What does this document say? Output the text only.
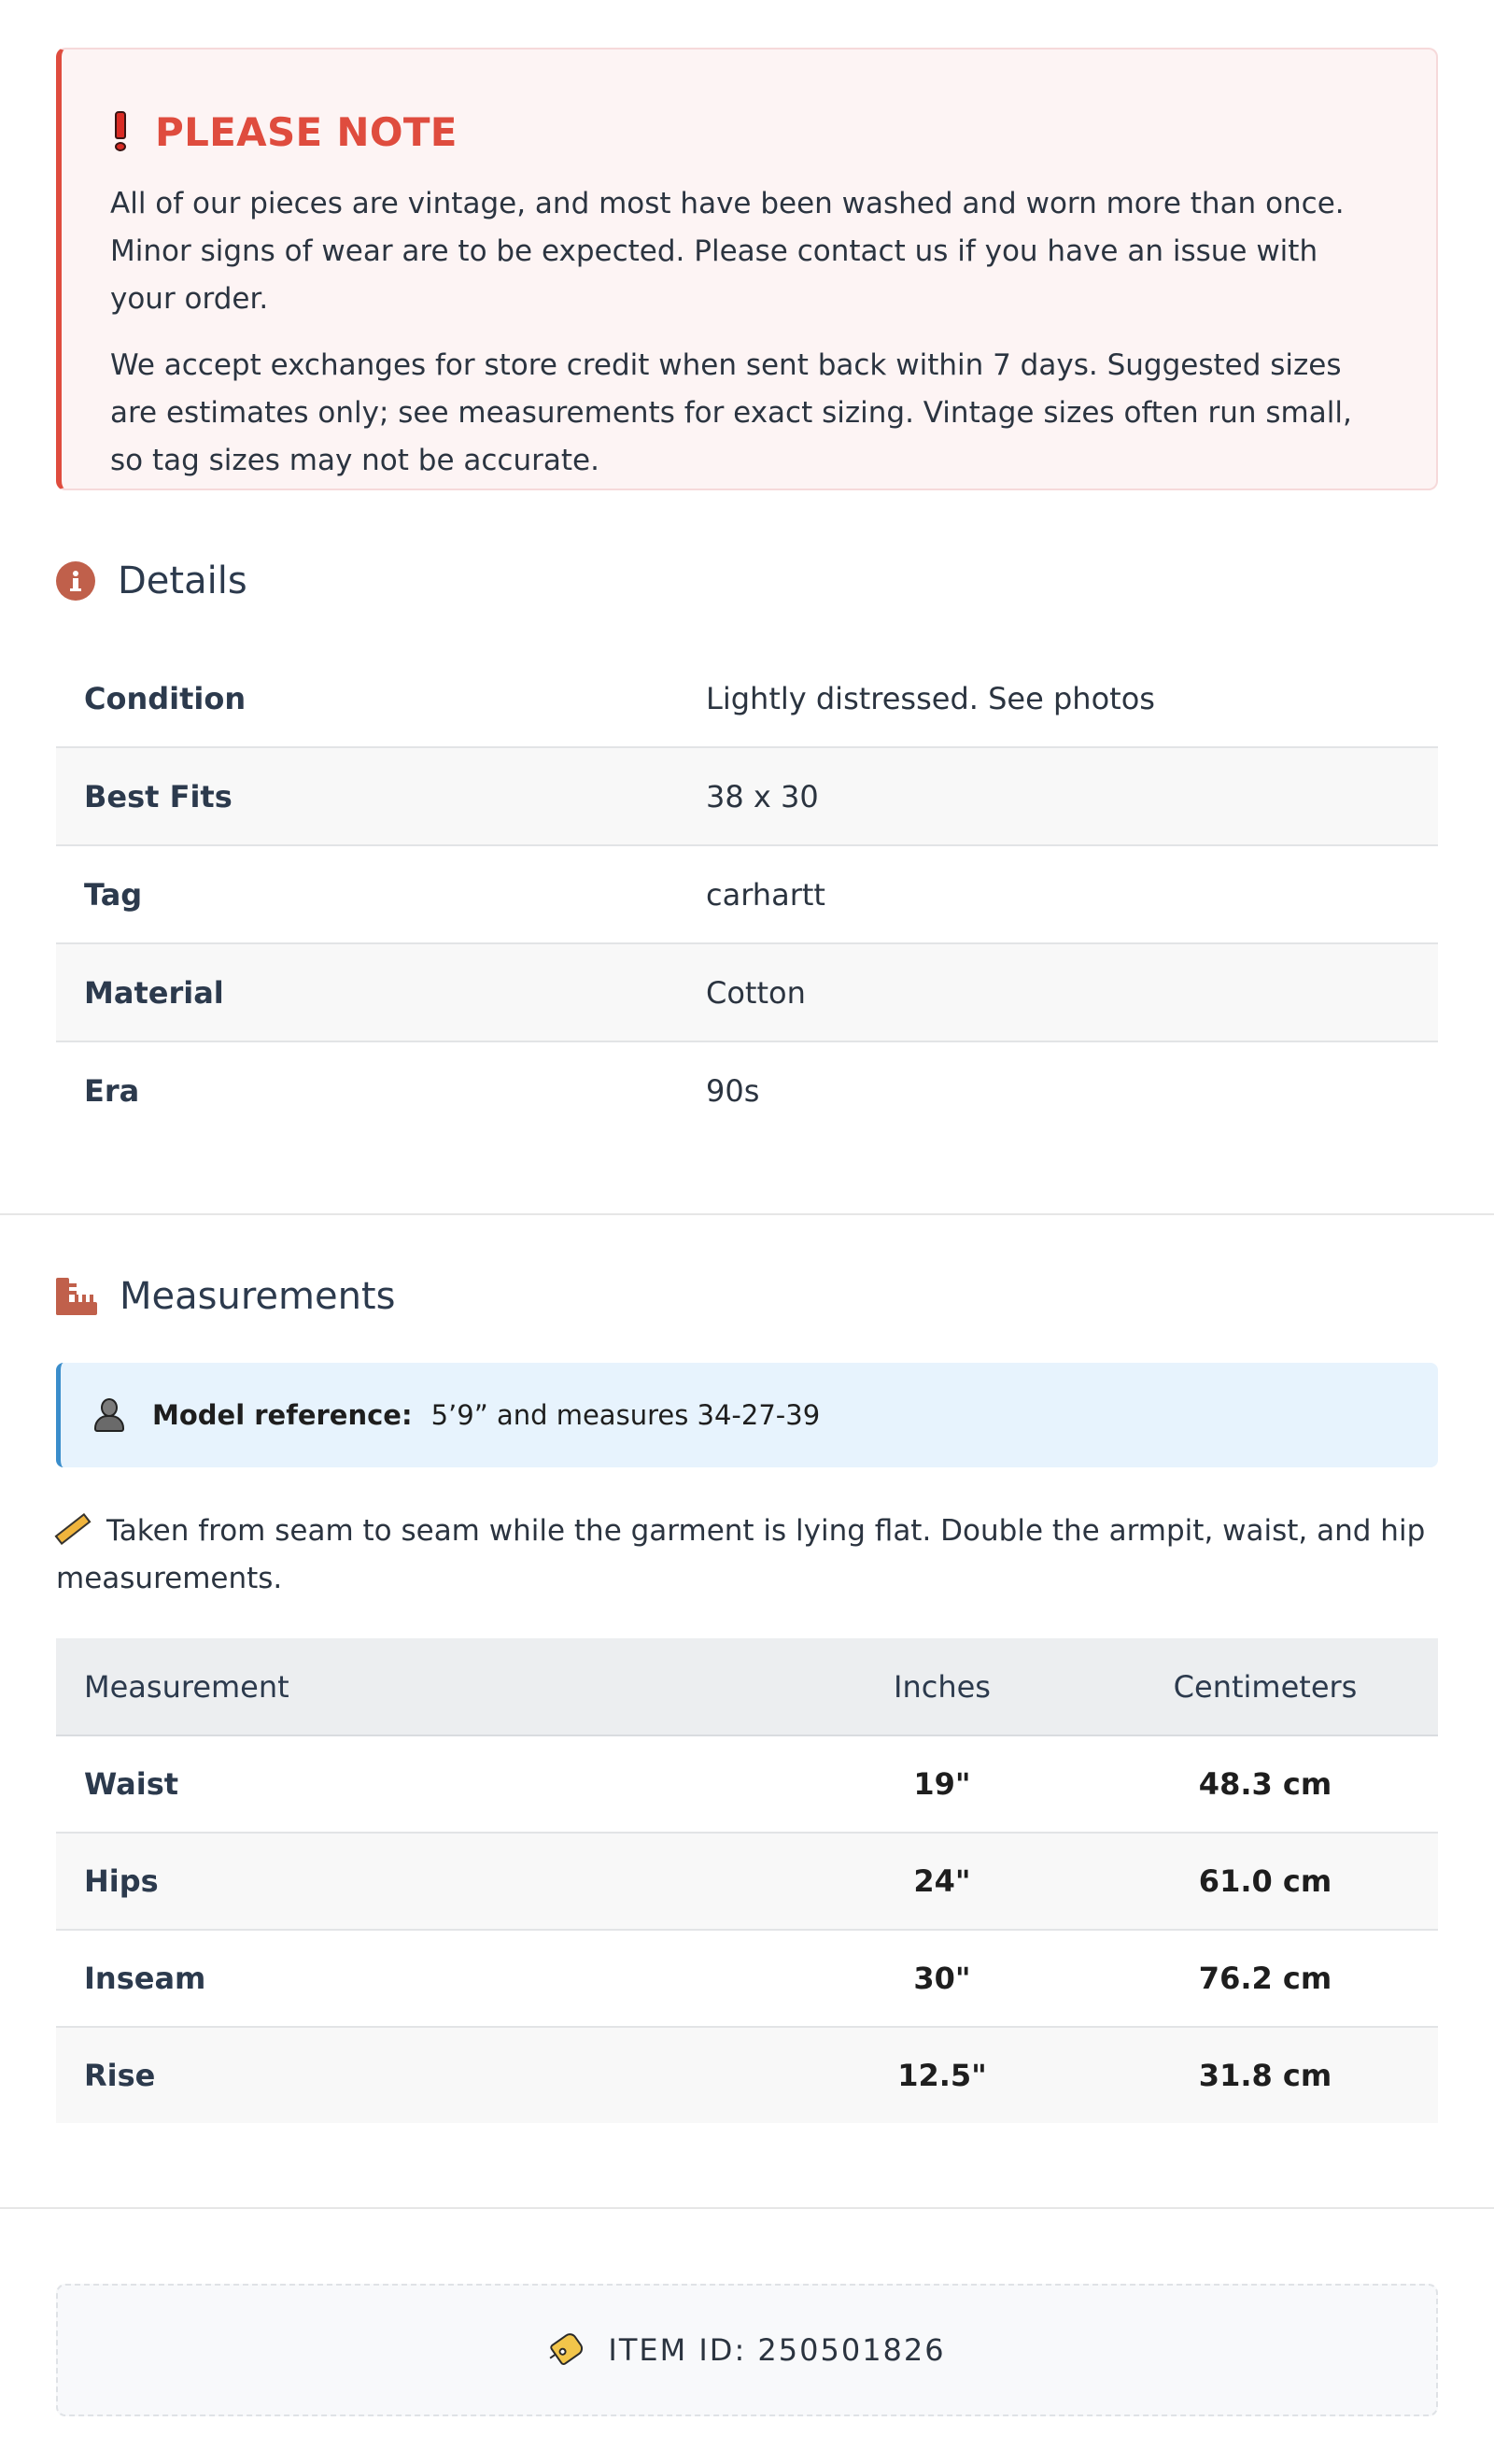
PLEASE NOTE

All of our pieces are vintage, and most have been washed and worn more than once. Minor signs of wear are to be expected. Please contact us if you have an issue with your order.

We accept exchanges for store credit when sent back within 7 days. Suggested sizes are estimates only; see measurements for exact sizing. Vintage sizes often run small, so tag sizes may not be accurate.

Details
Condition	Lightly distressed. See photos
Best Fits	38 x 30
Tag	carhartt
Material	Cotton
Era	90s
Measurements
Model reference: 5’9” and measures 34-27-39
Taken from seam to seam while the garment is lying flat. Double the armpit, waist, and hip measurements.
Measurement	Inches	Centimeters
Waist	19"	48.3 cm
Hips	24"	61.0 cm
Inseam	30"	76.2 cm
Rise	12.5"	31.8 cm
ITEM ID: 250501826
